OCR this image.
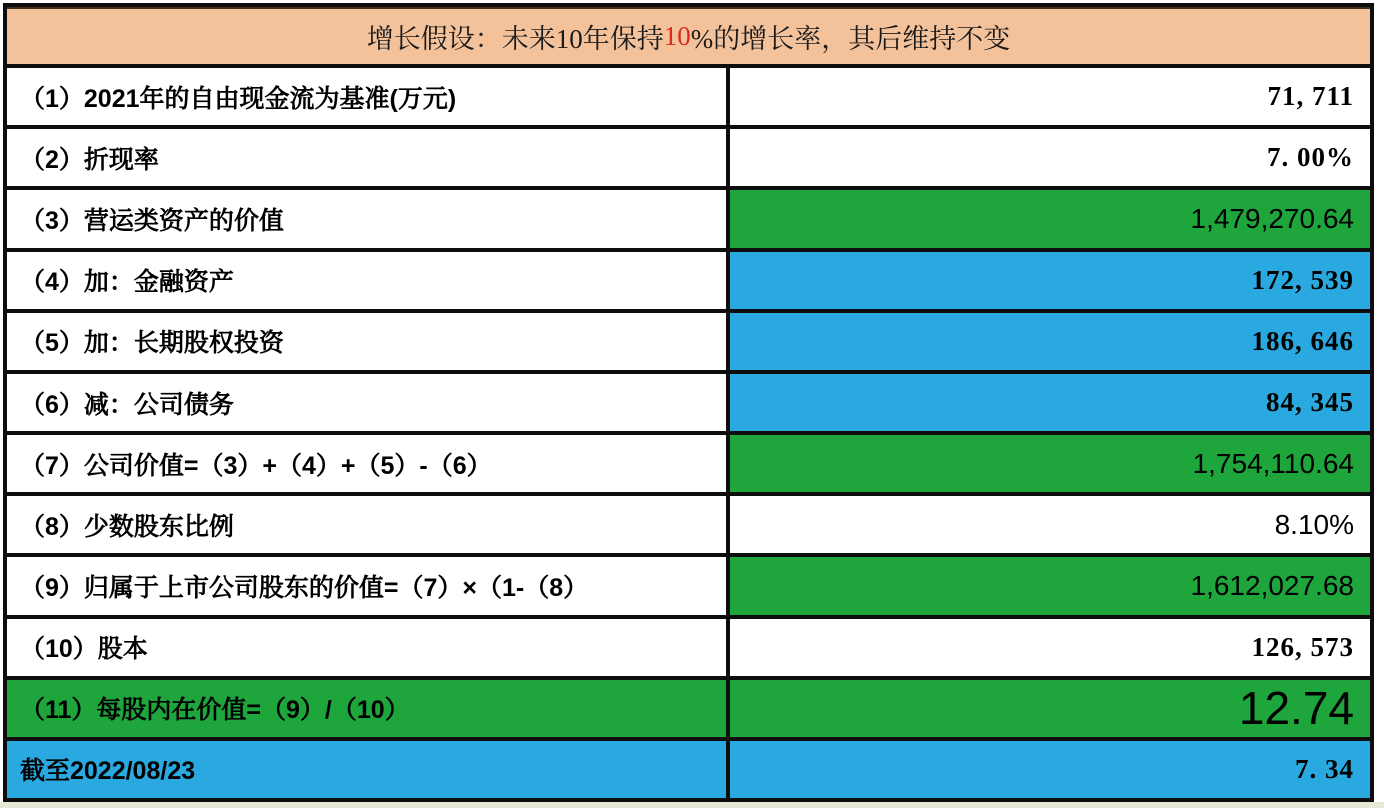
增长假设：未来10年保持 10 %的增长率，其后维持不变
（1）2021年的自由现金流为基准(万元)	71, 711
（2）折现率	7. 00%
（3）营运类资产的价值	1,479,270.64
（4）加：金融资产	172, 539
（5）加：长期股权投资	186, 646
（6）减：公司债务	84, 345
（7）公司价值=（3）+（4）+（5）-（6）	1,754,110.64
（8）少数股东比例	8.10%
（9）归属于上市公司股东的价值=（7）×（1-（8）	1,612,027.68
（10）股本	126, 573
（11）每股内在价值=（9）/（10）	12.74
截至2022/08/23	7. 34
